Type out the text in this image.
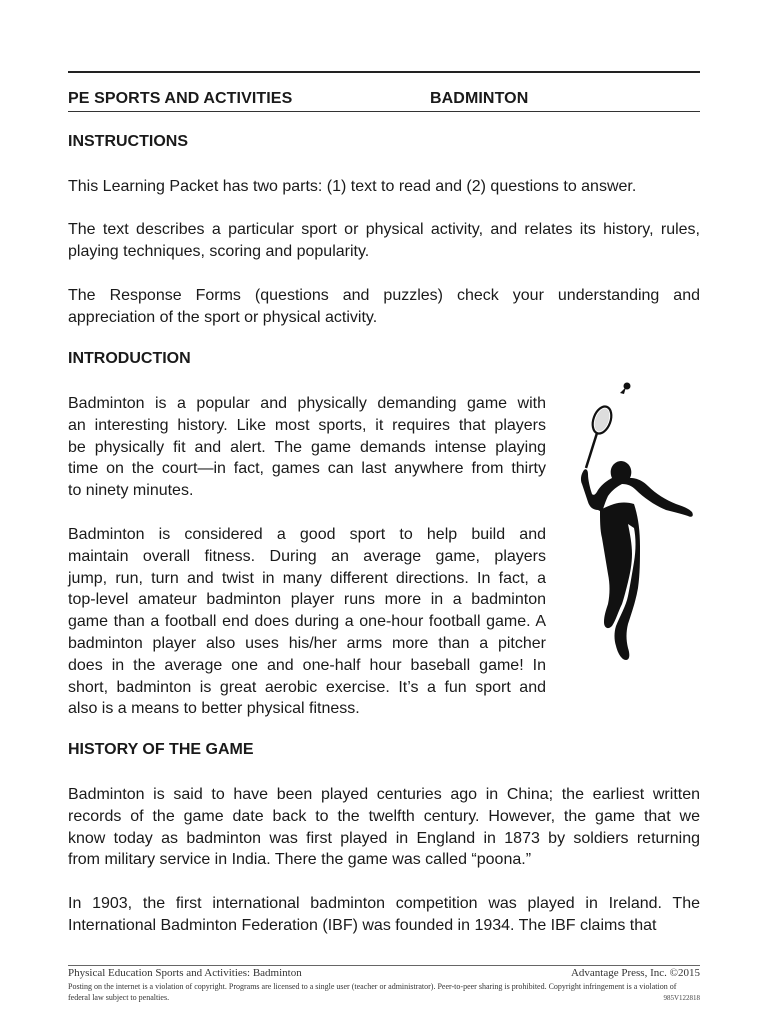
PE SPORTS AND ACTIVITIES	BADMINTON
INSTRUCTIONS
This Learning Packet has two parts: (1) text to read and (2) questions to answer.
The text describes a particular sport or physical activity, and relates its history, rules,
playing techniques, scoring and popularity.
The Response Forms (questions and puzzles) check your understanding and
appreciation of the sport or physical activity.
INTRODUCTION
Badminton is a popular and physically demanding game with
an interesting history. Like most sports, it requires that players
be physically fit and alert. The game demands intense playing
time on the court—in fact, games can last anywhere from thirty
to ninety minutes.
Badminton is considered a good sport to help build and
maintain overall fitness. During an average game, players
jump, run, turn and twist in many different directions. In fact, a
top-level amateur badminton player runs more in a badminton
game than a football end does during a one-hour football game. A
badminton player also uses his/her arms more than a pitcher
does in the average one and one-half hour baseball game! In
short, badminton is great aerobic exercise. It’s a fun sport and
also is a means to better physical fitness.
HISTORY OF THE GAME
Badminton is said to have been played centuries ago in China; the earliest written
records of the game date back to the twelfth century. However, the game that we
know today as badminton was first played in England in 1873 by soldiers returning
from military service in India. There the game was called “poona.”
In 1903, the first international badminton competition was played in Ireland. The
International Badminton Federation (IBF) was founded in 1934. The IBF claims that
Physical Education Sports and Activities: Badminton	Advantage Press, Inc. ©2015
Posting on the internet is a violation of copyright. Programs are licensed to a single user (teacher or administrator). Peer-to-peer sharing is prohibited. Copyright infringement is a violation of federal law subject to penalties.	985V122818
